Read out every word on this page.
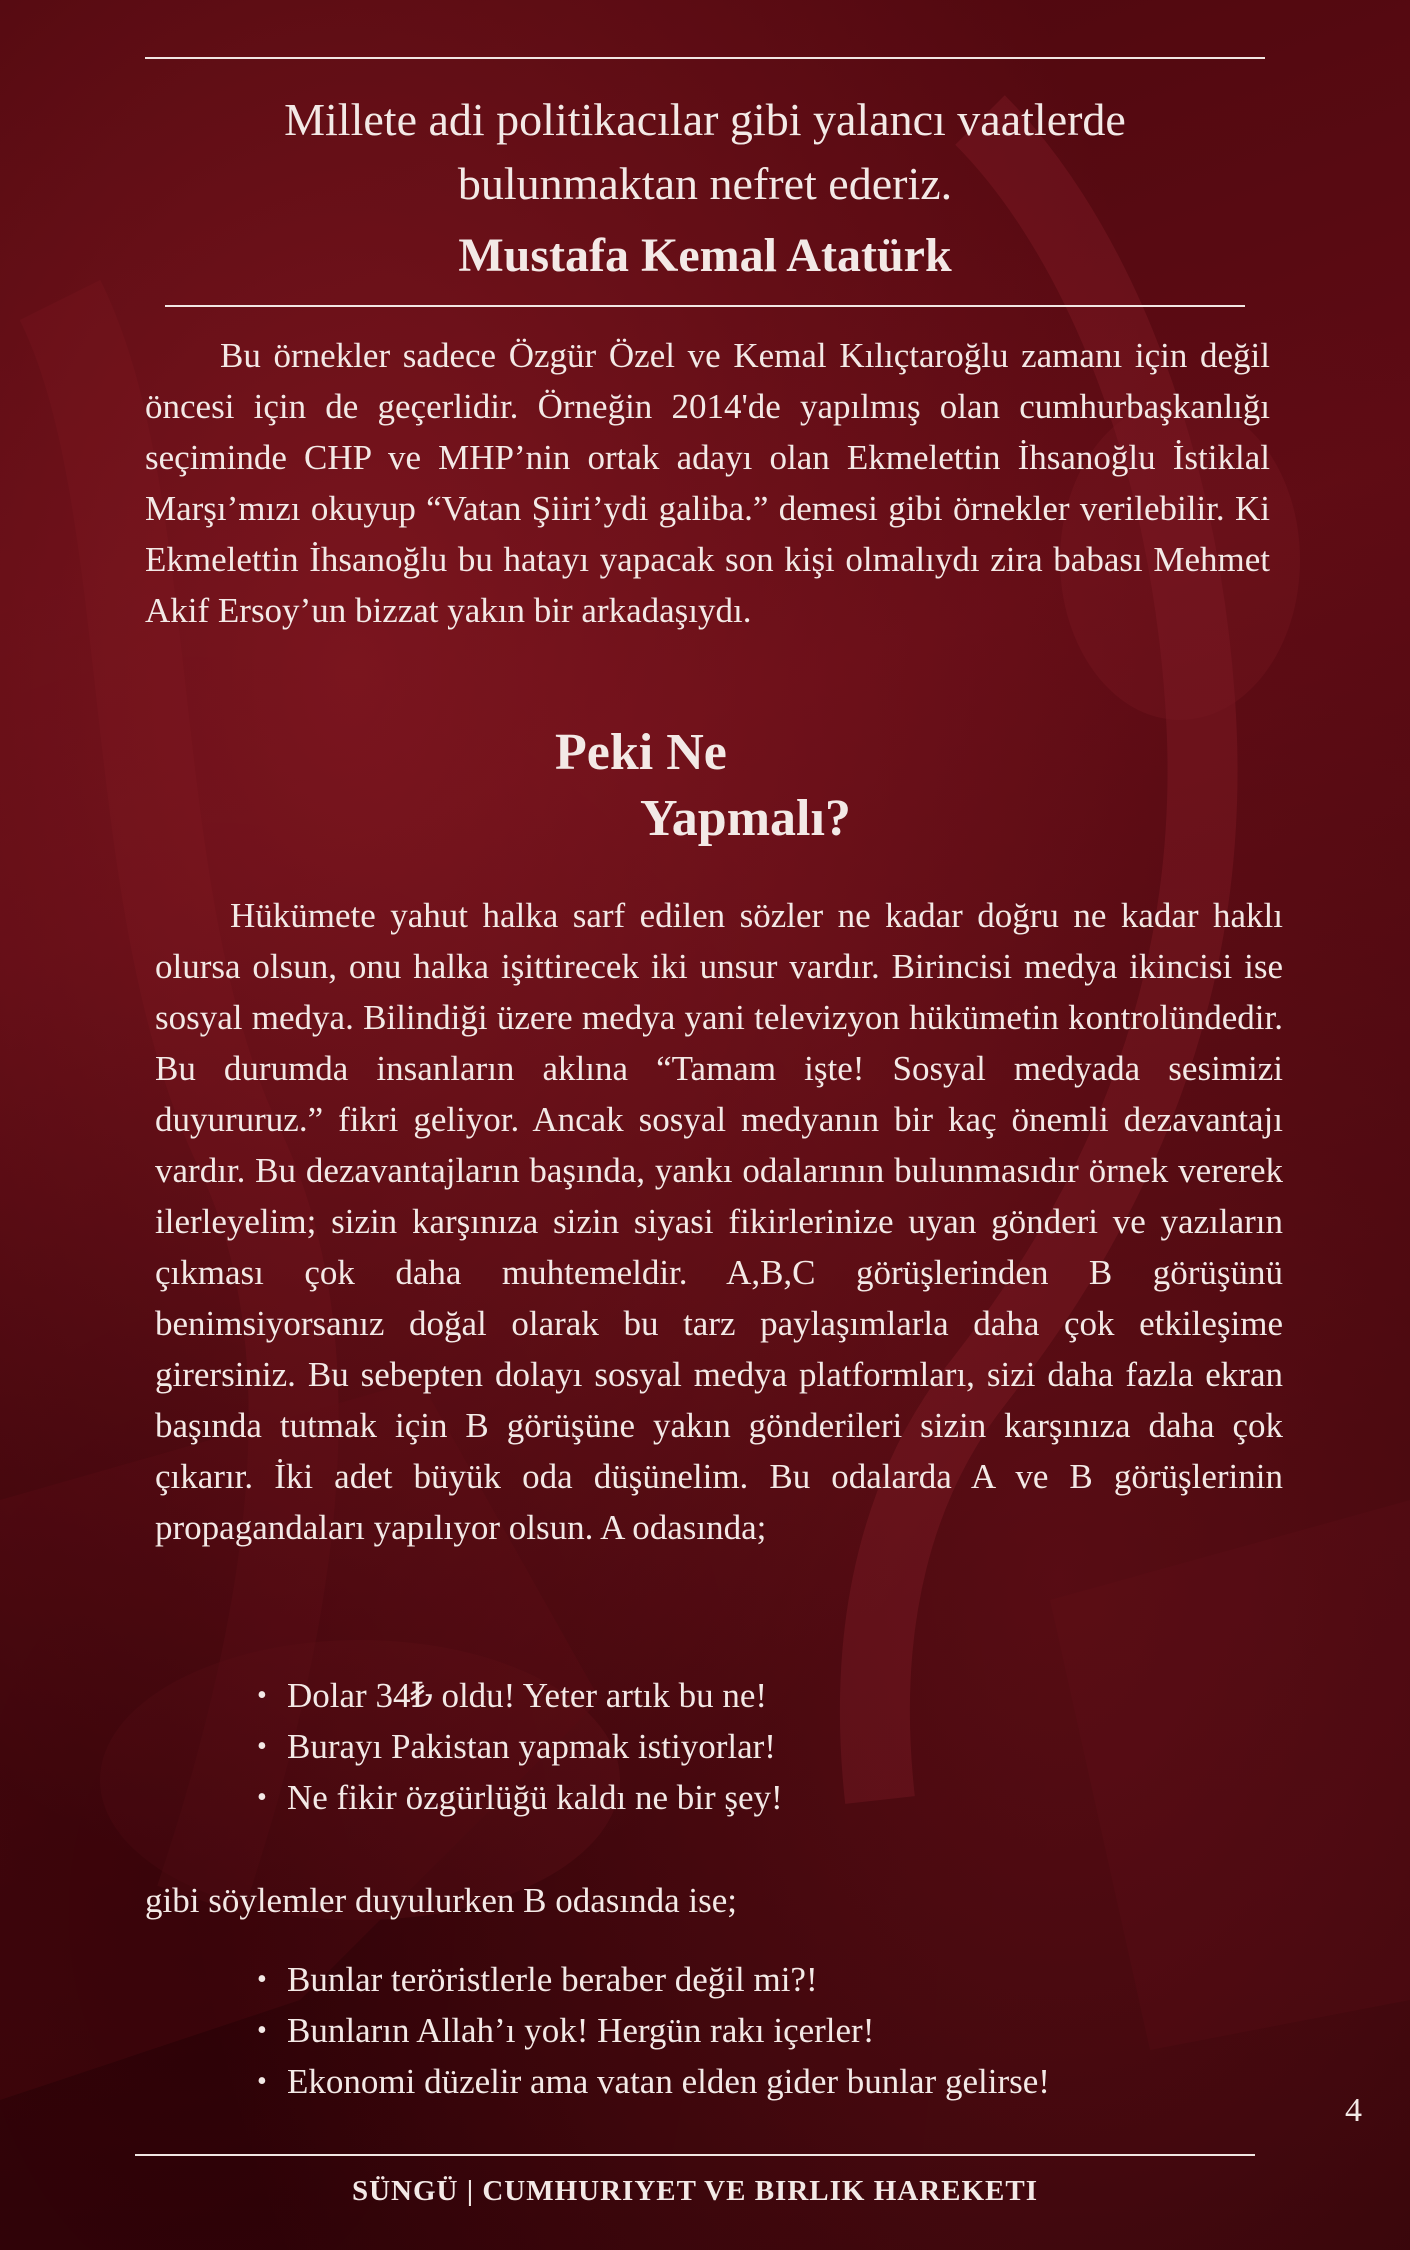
Millete adi politikacılar gibi yalancı vaatlerde
bulunmaktan nefret ederiz.
Mustafa Kemal Atatürk

Bu örnekler sadece Özgür Özel ve Kemal Kılıçtaroğlu zamanı için değil öncesi için de geçerlidir. Örneğin 2014'de yapılmış olan cumhurbaşkanlığı seçiminde CHP ve MHP’nin ortak adayı olan Ekmelettin İhsanoğlu İstiklal Marşı’mızı okuyup “Vatan Şiiri’ydi galiba.” demesi gibi örnekler verilebilir. Ki Ekmelettin İhsanoğlu bu hatayı yapacak son kişi olmalıydı zira babası Mehmet Akif Ersoy’un bizzat yakın bir arkadaşıydı.

Peki Ne
Yapmalı?

Hükümete yahut halka sarf edilen sözler ne kadar doğru ne kadar haklı olursa olsun, onu halka işittirecek iki unsur vardır. Birincisi medya ikincisi ise sosyal medya. Bilindiği üzere medya yani televizyon hükümetin kontrolündedir. Bu durumda insanların aklına “Tamam işte! Sosyal medyada sesimizi duyururuz.” fikri geliyor. Ancak sosyal medyanın bir kaç önemli dezavantajı vardır. Bu dezavantajların başında, yankı odalarının bulunmasıdır örnek vererek ilerleyelim; sizin karşınıza sizin siyasi fikirlerinize uyan gönderi ve yazıların çıkması çok daha muhtemeldir. A,B,C görüşlerinden B görüşünü benimsiyorsanız doğal olarak bu tarz paylaşımlarla daha çok etkileşime girersiniz. Bu sebepten dolayı sosyal medya platformları, sizi daha fazla ekran başında tutmak için B görüşüne yakın gönderileri sizin karşınıza daha çok çıkarır. İki adet büyük oda düşünelim. Bu odalarda A ve B görüşlerinin propagandaları yapılıyor olsun. A odasında;

• Dolar 34₺ oldu! Yeter artık bu ne!
• Burayı Pakistan yapmak istiyorlar!
• Ne fikir özgürlüğü kaldı ne bir şey!

gibi söylemler duyulurken B odasında ise;

• Bunlar teröristlerle beraber değil mi?!
• Bunların Allah’ı yok! Hergün rakı içerler!
• Ekonomi düzelir ama vatan elden gider bunlar gelirse!
4
SÜNGÜ | CUMHURIYET VE BIRLIK HAREKETI
